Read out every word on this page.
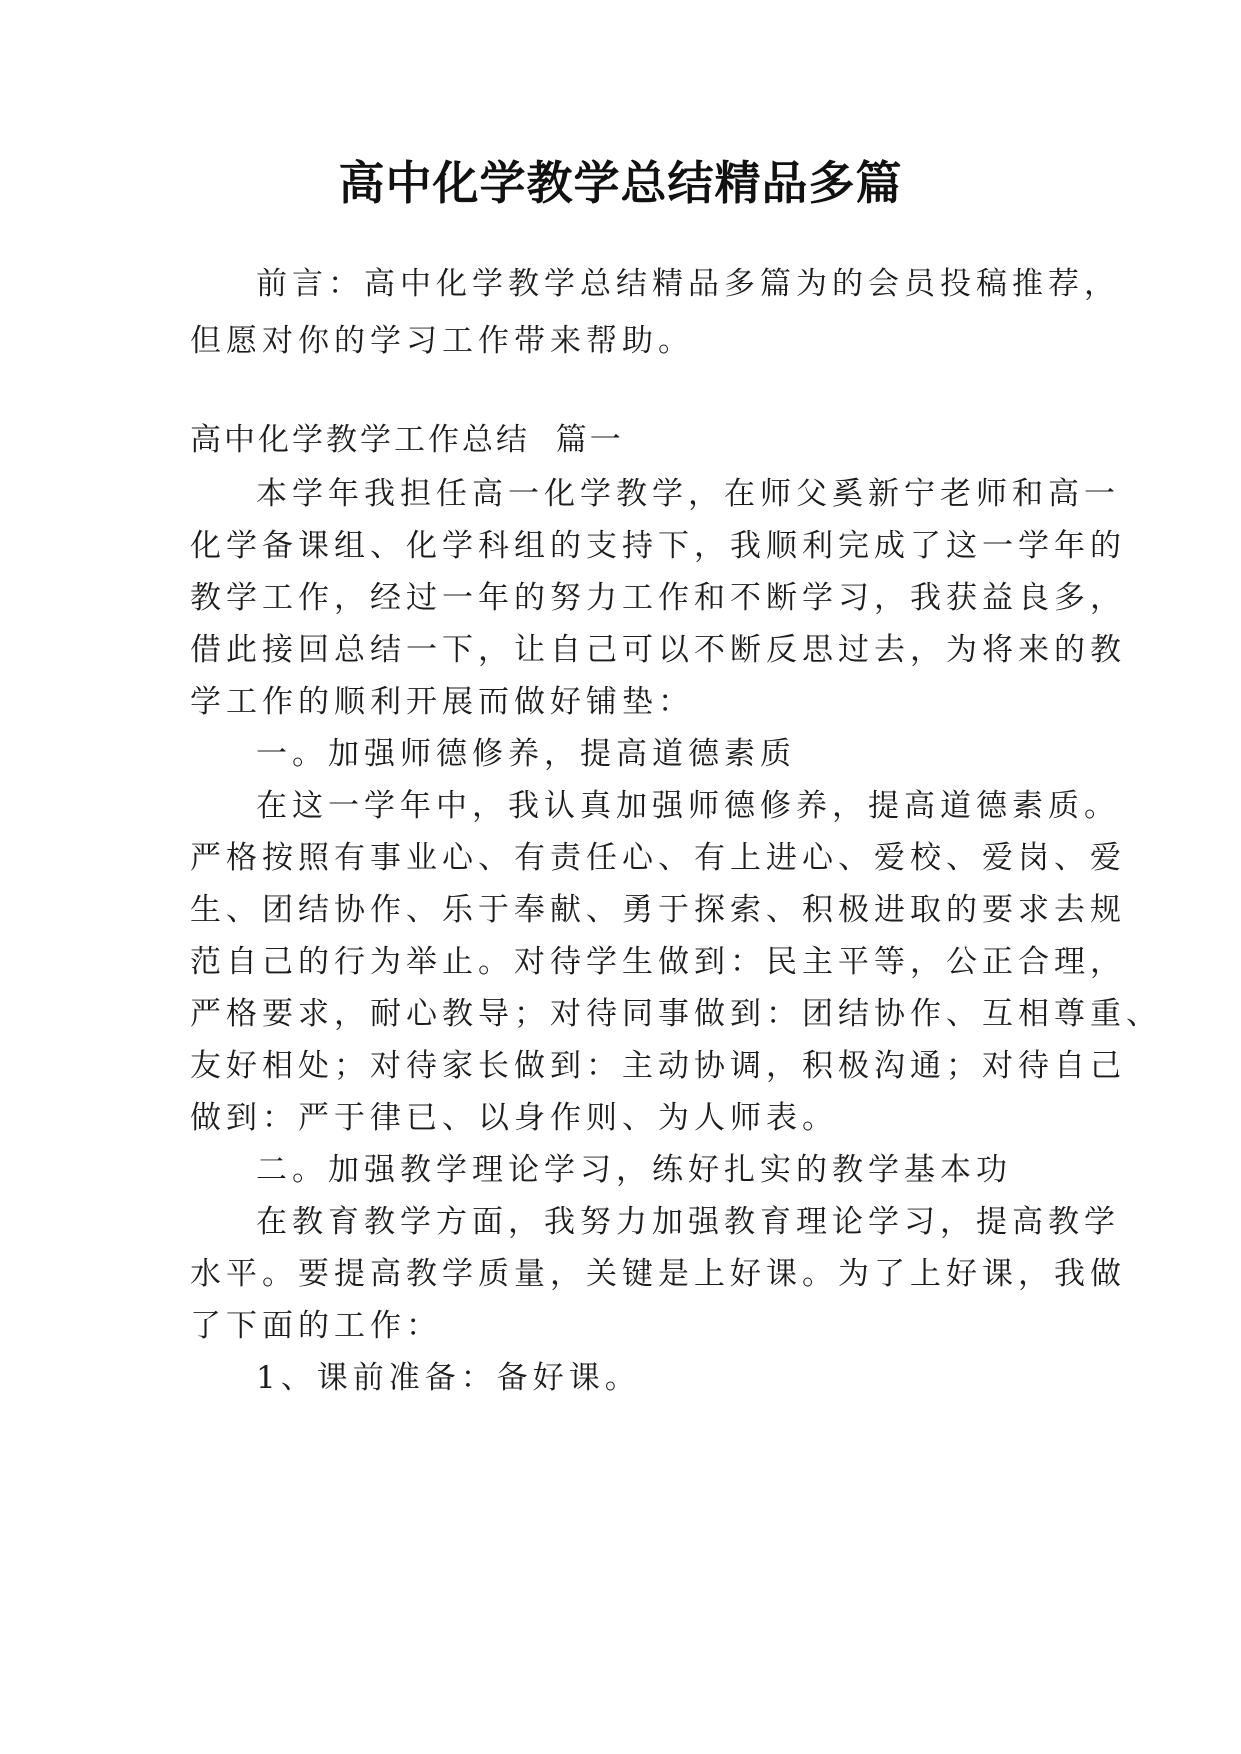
高中化学教学总结精品多篇
前言：高中化学教学总结精品多篇为的会员投稿推荐，
但愿对你的学习工作带来帮助。
高中化学教学工作总结  篇一
本学年我担任高一化学教学，在师父奚新宁老师和高一
化学备课组、化学科组的支持下，我顺利完成了这一学年的
教学工作，经过一年的努力工作和不断学习，我获益良多，
借此接回总结一下，让自己可以不断反思过去，为将来的教
学工作的顺利开展而做好铺垫：
一。加强师德修养，提高道德素质
在这一学年中，我认真加强师德修养，提高道德素质。
严格按照有事业心、有责任心、有上进心、爱校、爱岗、爱
生、团结协作、乐于奉献、勇于探索、积极进取的要求去规
范自己的行为举止。对待学生做到：民主平等，公正合理，
严格要求，耐心教导；对待同事做到：团结协作、互相尊重、
友好相处；对待家长做到：主动协调，积极沟通；对待自己
做到：严于律已、以身作则、为人师表。
二。加强教学理论学习，练好扎实的教学基本功
在教育教学方面，我努力加强教育理论学习，提高教学
水平。要提高教学质量，关键是上好课。为了上好课，我做
了下面的工作：
1、课前准备：备好课。
